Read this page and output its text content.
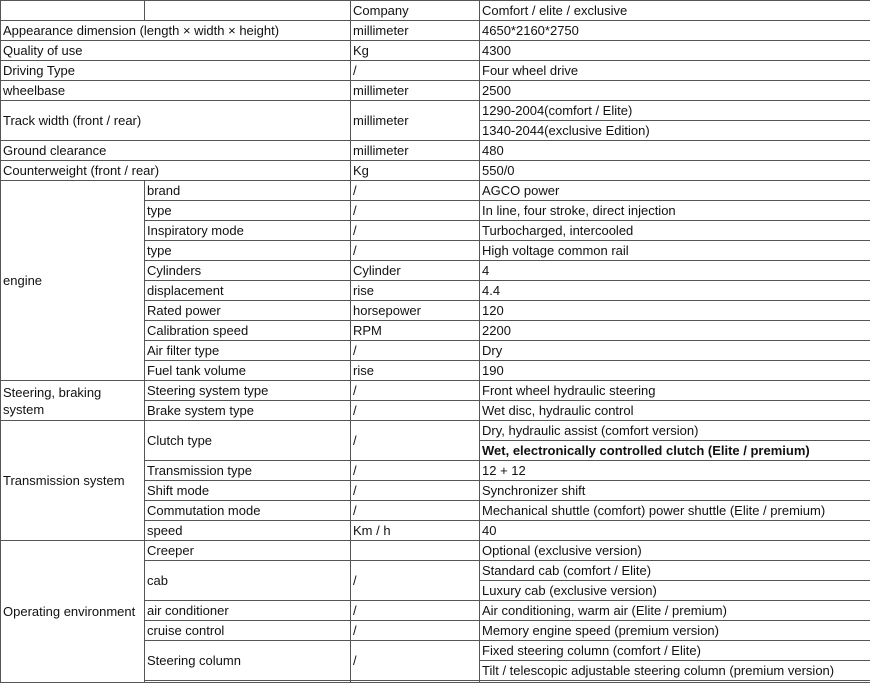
		Company	Comfort / elite / exclusive
Appearance dimension (length × width × height)		millimeter	4650*2160*2750
Quality of use		Kg	4300
Driving Type		/	Four wheel drive
wheelbase		millimeter	2500
Track width (front / rear)		millimeter	1290-2004(comfort / Elite)
			1340-2044(exclusive Edition)
Ground clearance		millimeter	480
Counterweight (front / rear)		Kg	550/0
engine	brand	/	AGCO power
	type	/	In line, four stroke, direct injection
	Inspiratory mode	/	Turbocharged, intercooled
	type	/	High voltage common rail
	Cylinders	Cylinder	4
	displacement	rise	4.4
	Rated power	horsepower	120
	Calibration speed	RPM	2200
	Air filter type	/	Dry
	Fuel tank volume	rise	190
Steering, braking system	Steering system type	/	Front wheel hydraulic steering
	Brake system type	/	Wet disc, hydraulic control
Transmission system	Clutch type	/	Dry, hydraulic assist (comfort version)
			Wet, electronically controlled clutch (Elite / premium)
	Transmission type	/	12 + 12
	Shift mode	/	Synchronizer shift
	Commutation mode	/	Mechanical shuttle (comfort) power shuttle (Elite / premium)
	speed	Km / h	40
Operating environment	Creeper		Optional (exclusive version)
	cab	/	Standard cab (comfort / Elite)
			Luxury cab (exclusive version)
	air conditioner	/	Air conditioning, warm air (Elite / premium)
	cruise control	/	Memory engine speed (premium version)
	Steering column	/	Fixed steering column (comfort / Elite)
			Tilt / telescopic adjustable steering column (premium version)
